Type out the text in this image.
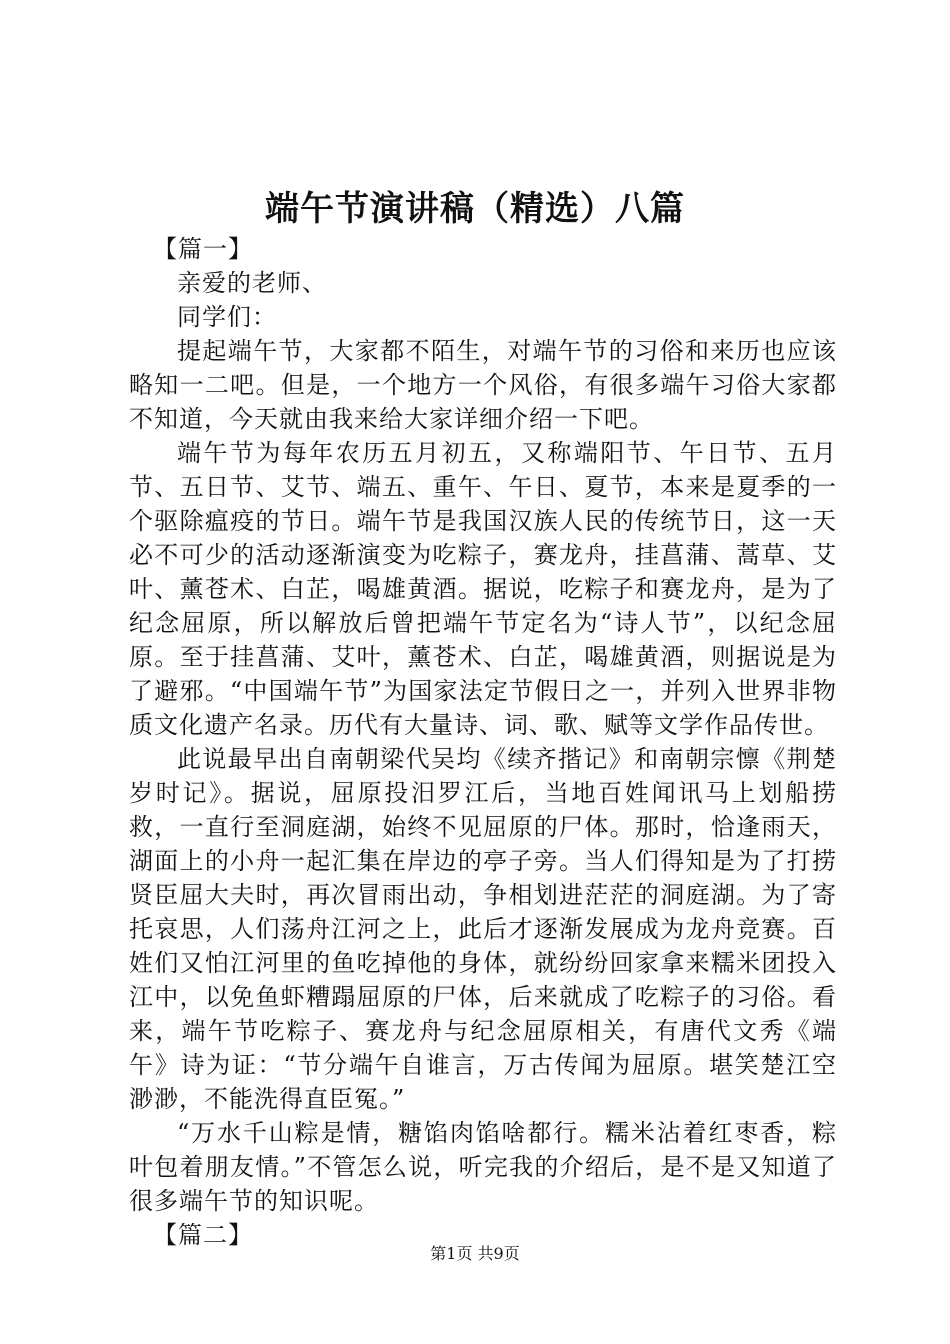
端午节演讲稿（精选）八篇

【篇一】

亲爱的老师、

同学们：

提起端午节，大家都不陌生，对端午节的习俗和来历也应该略知一二吧。但是，一个地方一个风俗，有很多端午习俗大家都不知道，今天就由我来给大家详细介绍一下吧。

端午节为每年农历五月初五，又称端阳节、午日节、五月节、五日节、艾节、端五、重午、午日、夏节，本来是夏季的一个驱除瘟疫的节日。端午节是我国汉族人民的传统节日，这一天必不可少的活动逐渐演变为吃粽子，赛龙舟，挂菖蒲、蒿草、艾叶、薰苍术、白芷，喝雄黄酒。据说，吃粽子和赛龙舟，是为了纪念屈原，所以解放后曾把端午节定名为“诗人节”，以纪念屈原。至于挂菖蒲、艾叶，薰苍术、白芷，喝雄黄酒，则据说是为了避邪。“中国端午节”为国家法定节假日之一，并列入世界非物质文化遗产名录。历代有大量诗、词、歌、赋等文学作品传世。

此说最早出自南朝梁代吴均《续齐揩记》和南朝宗懔《荆楚岁时记》。据说，屈原投汨罗江后，当地百姓闻讯马上划船捞救，一直行至洞庭湖，始终不见屈原的尸体。那时，恰逢雨天，湖面上的小舟一起汇集在岸边的亭子旁。当人们得知是为了打捞贤臣屈大夫时，再次冒雨出动，争相划进茫茫的洞庭湖。为了寄托哀思，人们荡舟江河之上，此后才逐渐发展成为龙舟竞赛。百姓们又怕江河里的鱼吃掉他的身体，就纷纷回家拿来糯米团投入江中，以免鱼虾糟蹋屈原的尸体，后来就成了吃粽子的习俗。看来，端午节吃粽子、赛龙舟与纪念屈原相关，有唐代文秀《端午》诗为证：“节分端午自谁言，万古传闻为屈原。堪笑楚江空渺渺，不能洗得直臣冤。”

“万水千山粽是情，糖馅肉馅啥都行。糯米沾着红枣香，粽叶包着朋友情。”不管怎么说，听完我的介绍后，是不是又知道了很多端午节的知识呢。

【篇二】

第1页 共9页
